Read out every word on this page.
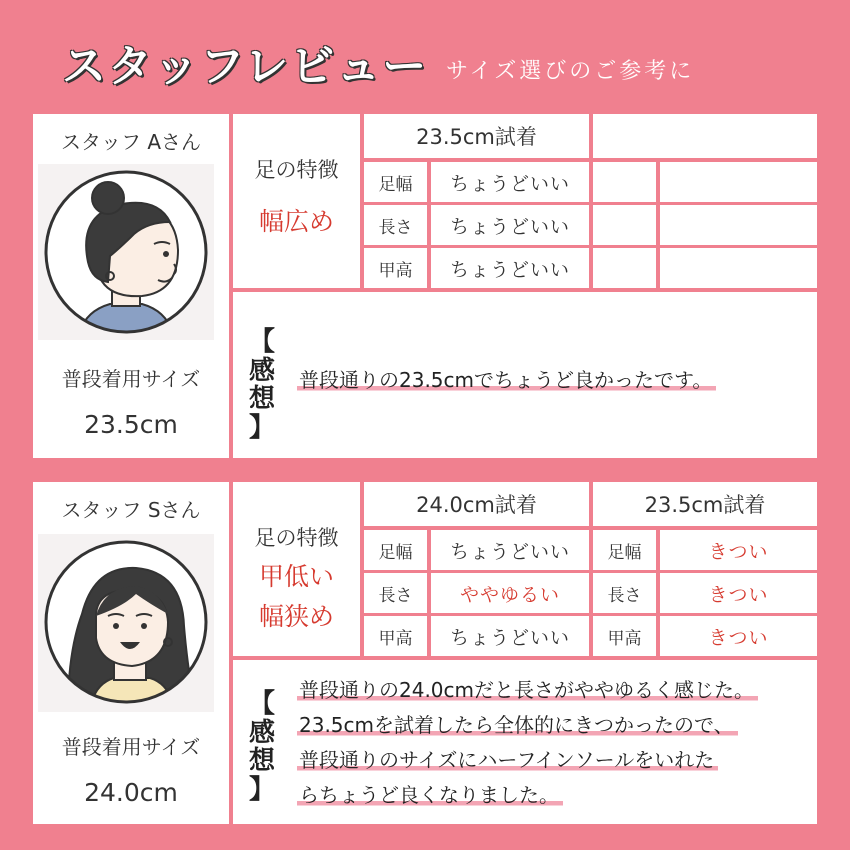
スタッフレビュー サイズ選びのご参考に
スタッフ Aさん
普段着用サイズ
23.5cm
足の特徴
幅広め
23.5cm試着
足幅	ちょうどいい
長さ	ちょうどいい
甲高	ちょうどいい
【
感
想
】
普段通りの23.5cmでちょうど良かったです。
スタッフ Sさん
普段着用サイズ
24.0cm
足の特徴
甲低い
幅狭め
24.0cm試着	23.5cm試着
足幅	ちょうどいい	足幅	きつい
長さ	ややゆるい	長さ	きつい
甲高	ちょうどいい	甲高	きつい
【
感
想
】
普段通りの24.0cmだと長さがややゆるく感じた。
23.5cmを試着したら全体的にきつかったので、
普段通りのサイズにハーフインソールをいれた
らちょうど良くなりました。
